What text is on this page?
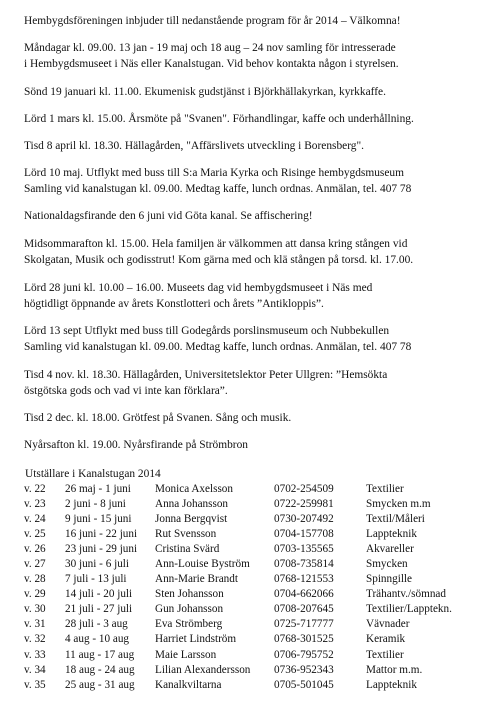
Hembygdsföreningen inbjuder till nedanstående program för år 2014 – Välkomna!
Måndagar kl. 09.00. 13 jan - 19 maj och 18 aug – 24 nov samling för intresserade
i Hembygdsmuseet i Näs eller Kanalstugan. Vid behov kontakta någon i styrelsen.
Sönd 19 januari kl. 11.00. Ekumenisk gudstjänst i Björkhällakyrkan, kyrkkaffe.
Lörd 1 mars kl. 15.00. Årsmöte på "Svanen". Förhandlingar, kaffe och underhållning.
Tisd 8 april kl. 18.30. Hällagården, "Affärslivets utveckling i Borensberg".
Lörd 10 maj. Utflykt med buss till S:a Maria Kyrka och Risinge hembygdsmuseum
Samling vid kanalstugan kl. 09.00. Medtag kaffe, lunch ordnas. Anmälan, tel. 407 78
Nationaldagsfirande den 6 juni vid Göta kanal. Se affischering!
Midsommarafton kl. 15.00. Hela familjen är välkommen att dansa kring stången vid
Skolgatan, Musik och godisstrut! Kom gärna med och klä stången på torsd. kl. 17.00.
Lörd 28 juni kl. 10.00 – 16.00. Museets dag vid hembygdsmuseet i Näs med
högtidligt öppnande av årets Konstlotteri och årets ”Antikloppis”.
Lörd 13 sept Utflykt med buss till Godegårds porslinsmuseum och Nubbekullen
Samling vid kanalstugan kl. 09.00. Medtag kaffe, lunch ordnas. Anmälan, tel. 407 78
Tisd 4 nov. kl. 18.30. Hällagården, Universitetslektor Peter Ullgren: ”Hemsökta
östgötska gods och vad vi inte kan förklara”.
Tisd 2 dec. kl. 18.00. Grötfest på Svanen. Sång och musik.
Nyårsafton kl. 19.00. Nyårsfirande på Strömbron
Utställare i Kanalstugan 2014
v. 22 26 maj - 1 juni Monica Axelsson	0702-254509	Textilier
v. 23 2 juni - 8 juni	Anna Johansson	0722-259981	Smycken m.m
v. 24 9 juni - 15 juni Jonna Bergqvist	0730-207492	Textil/Måleri
v. 25 16 juni - 22 juni Rut Svensson	0704-157708	Lappteknik
v. 26 23 juni - 29 juni Cristina Svärd	0703-135565	Akvareller
v. 27 30 juni - 6 juli Ann-Louise Byström 0708-735814	Smycken
v. 28 7 juli - 13 juli	Ann-Marie Brandt	0768-121553	Spinngille
v. 29 14 juli - 20 juli Sten Johansson	0704-662066	Trähantv./sömnad
v. 30 21 juli - 27 juli Gun Johansson	0708-207645	Textilier/Lapptekn.
v. 31 28 juli - 3 aug Eva Strömberg	0725-717777	Vävnader
v. 32 4 aug - 10 aug Harriet Lindström	0768-301525	Keramik
v. 33 11 aug - 17 aug Maie Larsson	0706-795752	Textilier
v. 34 18 aug - 24 aug Lilian Alexandersson 0736-952343	Mattor m.m.
v. 35 25 aug - 31 aug Kanalkviltarna	0705-501045	Lappteknik
